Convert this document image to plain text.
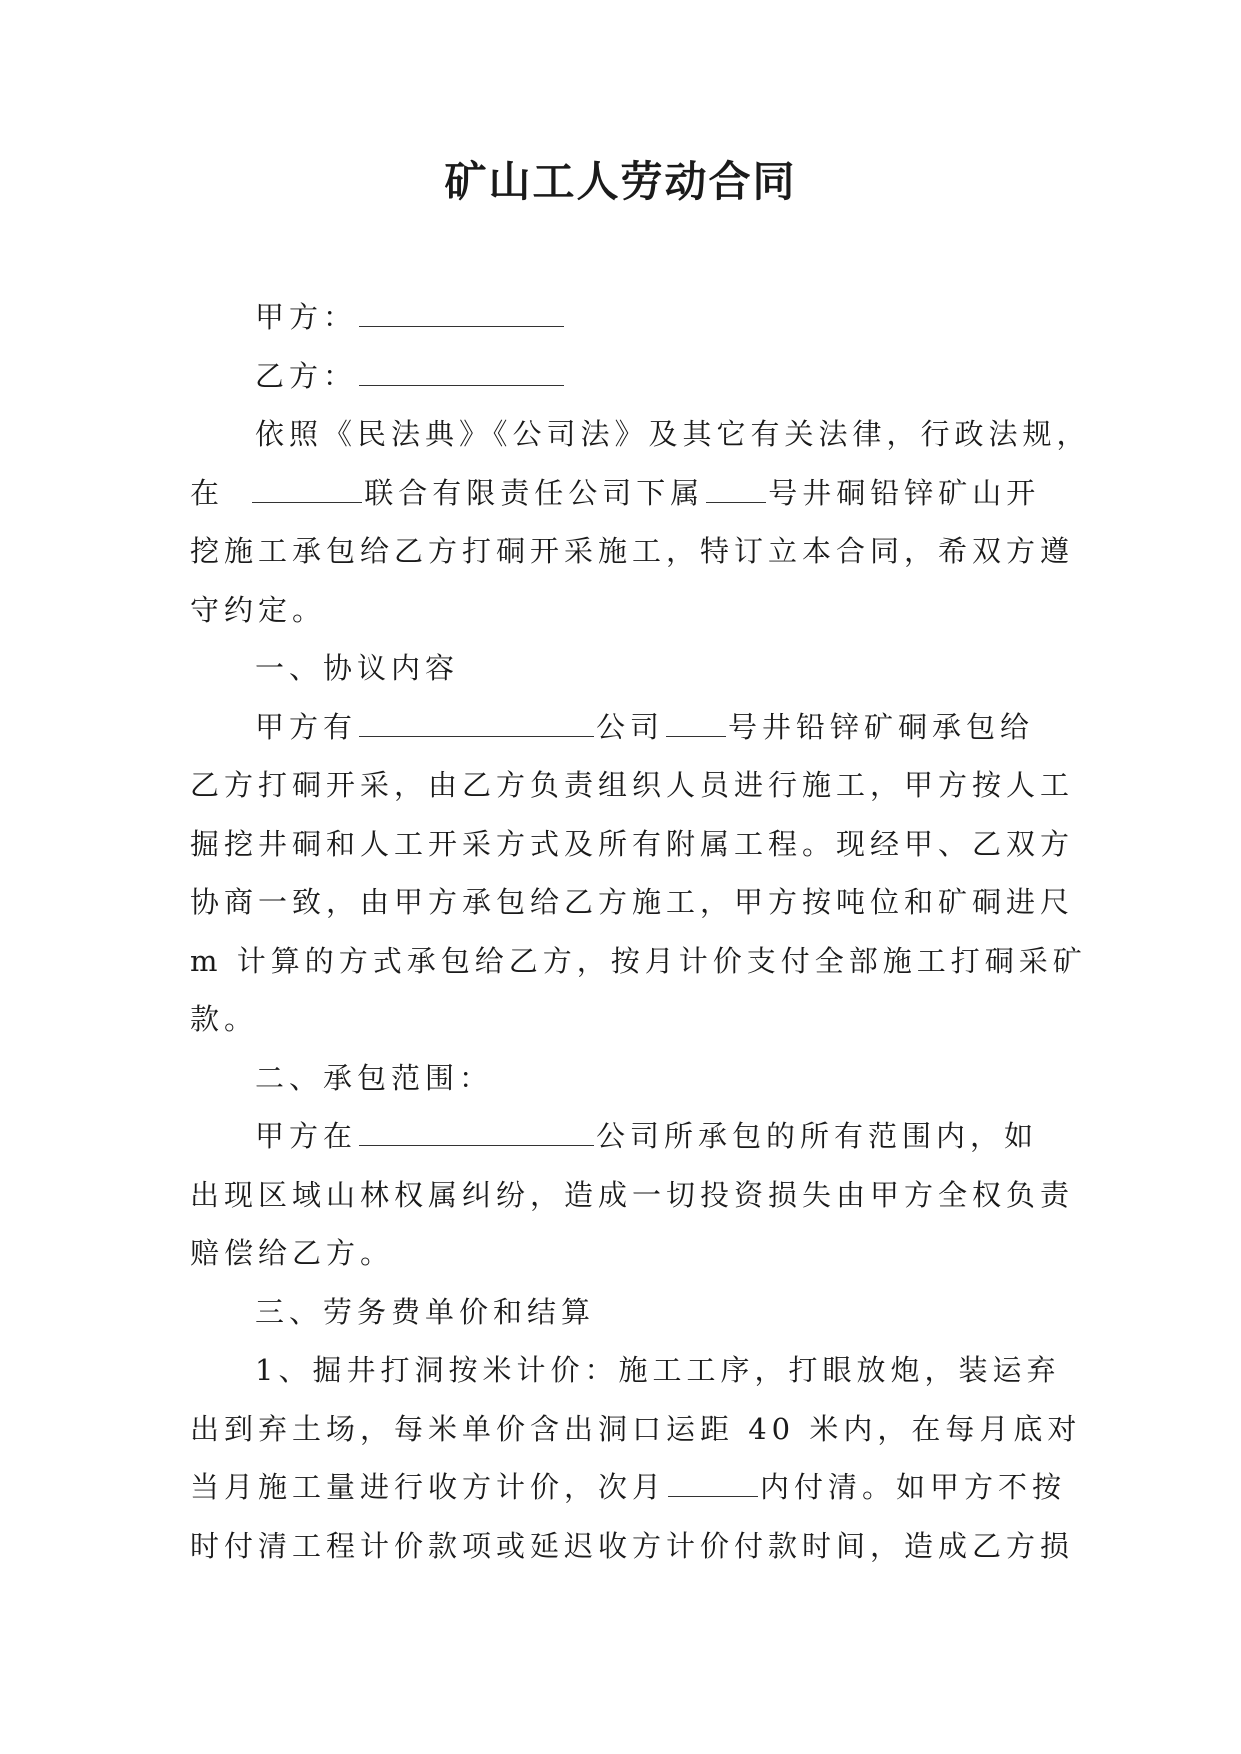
矿山工人劳动合同
甲方：
乙方：
依照《民法典》《公司法》及其它有关法律，行政法规，
在	联合有限责任公司下属 号井硐铅锌矿山开
挖施工承包给乙方打硐开采施工，特订立本合同，希双方遵
守约定。
一、协议内容
甲方有	公司 号井铅锌矿硐承包给
乙方打硐开采，由乙方负责组织人员进行施工，甲方按人工
掘挖井硐和人工开采方式及所有附属工程。现经甲、乙双方
协商一致，由甲方承包给乙方施工，甲方按吨位和矿硐进尺
m 计算的方式承包给乙方，按月计价支付全部施工打硐采矿
款。
二、承包范围：
甲方在	公司所承包的所有范围内，如
出现区域山林权属纠纷，造成一切投资损失由甲方全权负责
赔偿给乙方。
三、劳务费单价和结算
1、掘井打洞按米计价：施工工序，打眼放炮，装运弃
出到弃土场，每米单价含出洞口运距 40 米内，在每月底对
当月施工量进行收方计价，次月	内付清。如甲方不按
时付清工程计价款项或延迟收方计价付款时间，造成乙方损
